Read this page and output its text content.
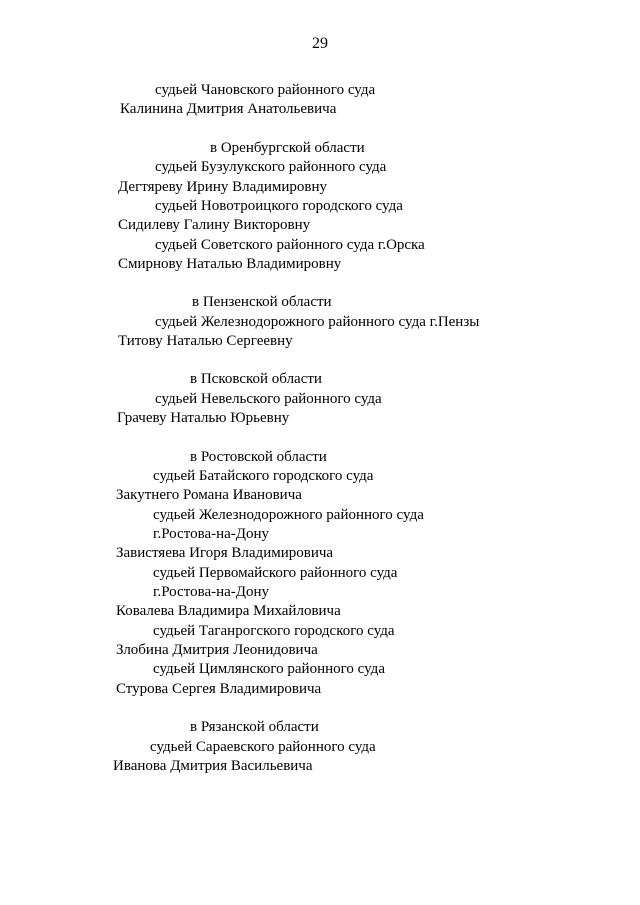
29
судьей Чановского районного суда
Калинина Дмитрия Анатольевича
в Оренбургской области
судьей Бузулукского районного суда
Дегтяреву Ирину Владимировну
судьей Новотроицкого городского суда
Сидилеву Галину Викторовну
судьей Советского районного суда г.Орска
Смирнову Наталью Владимировну
в Пензенской области
судьей Железнодорожного районного суда г.Пензы
Титову Наталью Сергеевну
в Псковской области
судьей Невельского районного суда
Грачеву Наталью Юрьевну
в Ростовской области
судьей Батайского городского суда
Закутнего Романа Ивановича
судьей Железнодорожного районного суда
г.Ростова-на-Дону
Завистяева Игоря Владимировича
судьей Первомайского районного суда
г.Ростова-на-Дону
Ковалева Владимира Михайловича
судьей Таганрогского городского суда
Злобина Дмитрия Леонидовича
судьей Цимлянского районного суда
Стурова Сергея Владимировича
в Рязанской области
судьей Сараевского районного суда
Иванова Дмитрия Васильевича
